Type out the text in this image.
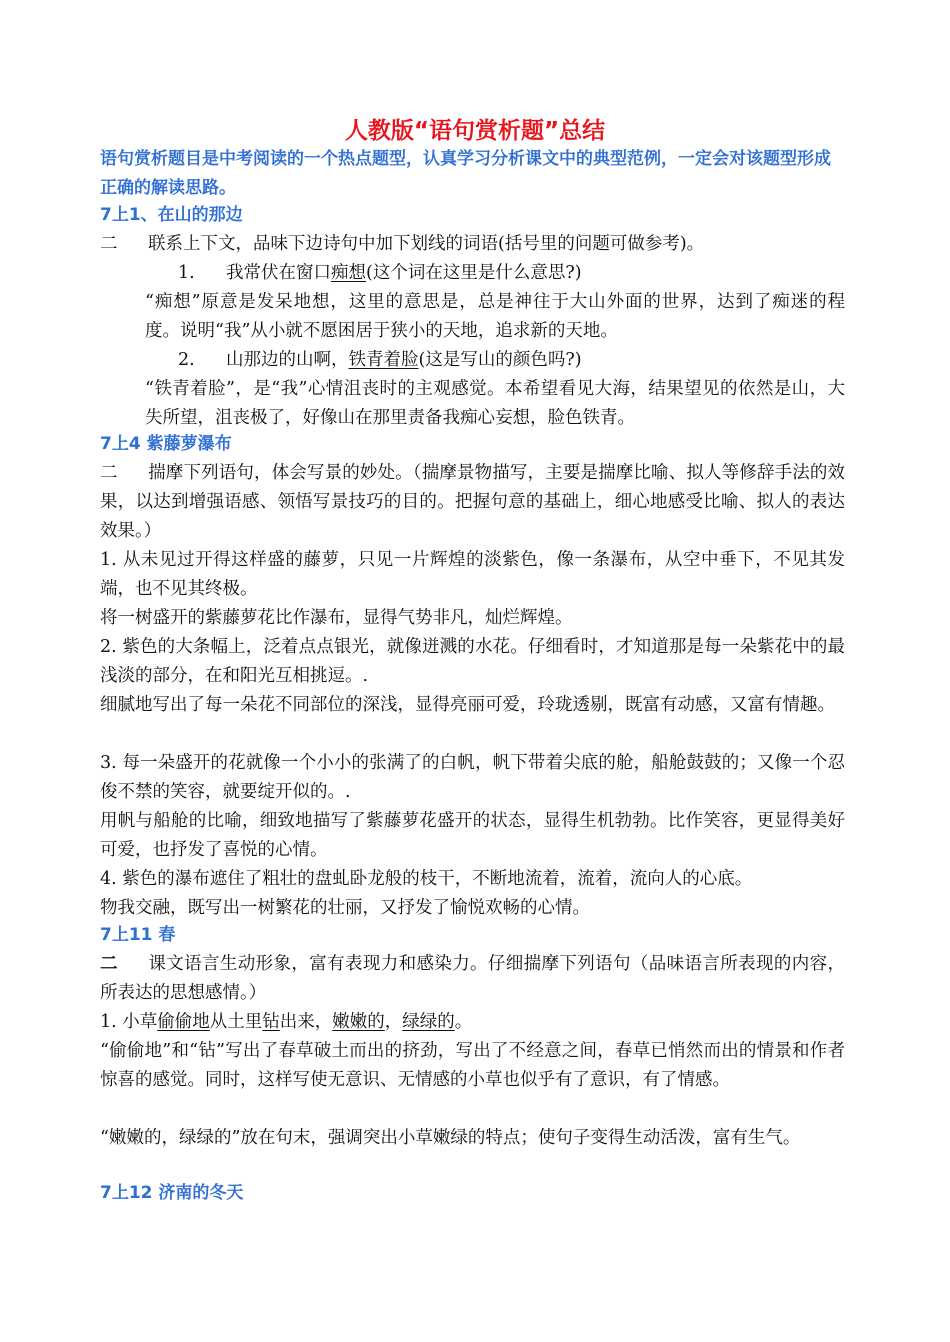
人教版“语句赏析题”总结
语句赏析题目是中考阅读的一个热点题型，认真学习分析课文中的典型范例，一定会对该题型形成正确的解读思路。
7上1、在山的那边
二 联系上下文，品味下边诗句中加下划线的词语(括号里的问题可做参考)。
1. 我常伏在窗口痴想(这个词在这里是什么意思?)
“痴想”原意是发呆地想，这里的意思是，总是神往于大山外面的世界，达到了痴迷的程度。说明“我”从小就不愿困居于狭小的天地，追求新的天地。
2. 山那边的山啊，铁青着脸(这是写山的颜色吗?)
“铁青着脸”，是“我”心情沮丧时的主观感觉。本希望看见大海，结果望见的依然是山，大失所望，沮丧极了，好像山在那里责备我痴心妄想，脸色铁青。
7上4 紫藤萝瀑布
二 揣摩下列语句，体会写景的妙处。（揣摩景物描写，主要是揣摩比喻、拟人等修辞手法的效果，以达到增强语感、领悟写景技巧的目的。把握句意的基础上，细心地感受比喻、拟人的表达效果。）
1. 从未见过开得这样盛的藤萝，只见一片辉煌的淡紫色，像一条瀑布，从空中垂下，不见其发端，也不见其终极。
将一树盛开的紫藤萝花比作瀑布，显得气势非凡，灿烂辉煌。
2. 紫色的大条幅上，泛着点点银光，就像迸溅的水花。仔细看时，才知道那是每一朵紫花中的最浅淡的部分，在和阳光互相挑逗。.
细腻地写出了每一朵花不同部位的深浅，显得亮丽可爱，玲珑透剔，既富有动感，又富有情趣。
3. 每一朵盛开的花就像一个小小的张满了的白帆，帆下带着尖底的舱，船舱鼓鼓的；又像一个忍俊不禁的笑容，就要绽开似的。.
用帆与船舱的比喻，细致地描写了紫藤萝花盛开的状态，显得生机勃勃。比作笑容，更显得美好可爱，也抒发了喜悦的心情。
4. 紫色的瀑布遮住了粗壮的盘虬卧龙般的枝干，不断地流着，流着，流向人的心底。
物我交融，既写出一树繁花的壮丽，又抒发了愉悦欢畅的心情。
7上11 春
二 课文语言生动形象，富有表现力和感染力。仔细揣摩下列语句（品味语言所表现的内容，所表达的思想感情。）
1. 小草偷偷地从土里钻出来，嫩嫩的，绿绿的。
“偷偷地”和“钻”写出了春草破土而出的挤劲，写出了不经意之间，春草已悄然而出的情景和作者惊喜的感觉。同时，这样写使无意识、无情感的小草也似乎有了意识，有了情感。
“嫩嫩的，绿绿的”放在句末，强调突出小草嫩绿的特点；使句子变得生动活泼，富有生气。
7上12 济南的冬天
